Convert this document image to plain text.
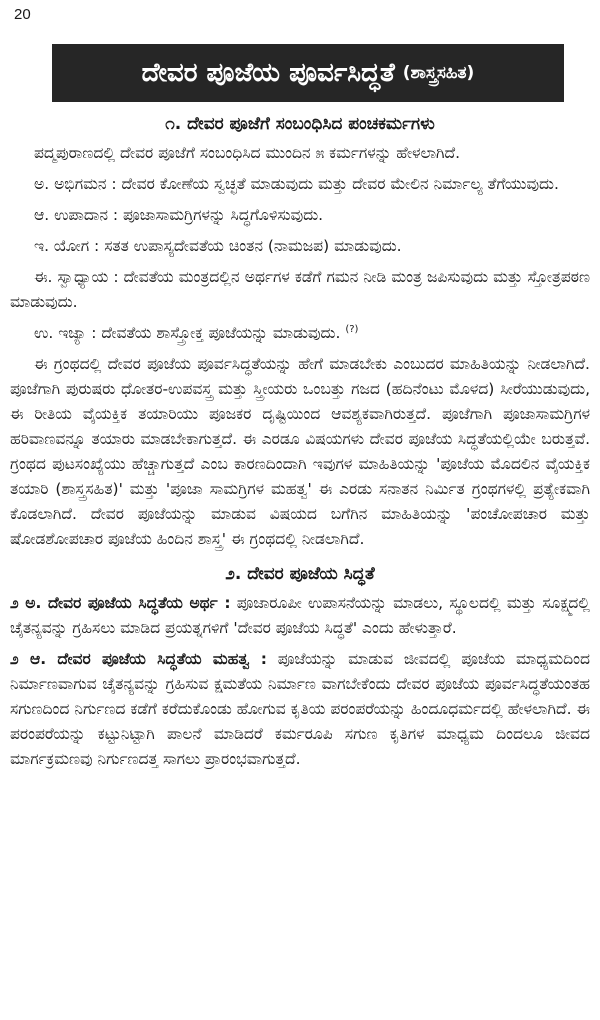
20
ದೇವರ ಪೂಜೆಯ ಪೂರ್ವಸಿದ್ಧತೆ (ಶಾಸ್ತ್ರಸಹಿತ)
೧. ದೇವರ ಪೂಜೆಗೆ ಸಂಬಂಧಿಸಿದ ಪಂಚಕರ್ಮಗಳು

ಪದ್ಮಪುರಾಣದಲ್ಲಿ ದೇವರ ಪೂಜೆಗೆ ಸಂಬಂಧಿಸಿದ ಮುಂದಿನ ೫ ಕರ್ಮಗಳನ್ನು ಹೇಳಲಾಗಿದೆ.

ಅ. ಅಭಿಗಮನ : ದೇವರ ಕೋಣೆಯ ಸ್ವಚ್ಛತೆ ಮಾಡುವುದು ಮತ್ತು ದೇವರ ಮೇಲಿನ ನಿರ್ಮಾಲ್ಯ ತೆಗೆಯುವುದು.

ಆ. ಉಪಾದಾನ : ಪೂಜಾಸಾಮಗ್ರಿಗಳನ್ನು ಸಿದ್ಧಗೊಳಿಸುವುದು.

ಇ. ಯೋಗ : ಸತತ ಉಪಾಸ್ಯದೇವತೆಯ ಚಿಂತನ (ನಾಮಜಪ) ಮಾಡುವುದು.

ಈ. ಸ್ವಾಧ್ಯಾಯ : ದೇವತೆಯ ಮಂತ್ರದಲ್ಲಿನ ಅರ್ಥಗಳ ಕಡೆಗೆ ಗಮನ ನೀಡಿ ಮಂತ್ರ ಜಪಿಸುವುದು ಮತ್ತು ಸ್ತೋತ್ರಪಠಣ ಮಾಡುವುದು.

ಉ. ಇಜ್ಯಾ : ದೇವತೆಯ ಶಾಸ್ತ್ರೋಕ್ತ ಪೂಜೆಯನ್ನು ಮಾಡುವುದು. (?)

ಈ ಗ್ರಂಥದಲ್ಲಿ ದೇವರ ಪೂಜೆಯ ಪೂರ್ವಸಿದ್ಧತೆಯನ್ನು ಹೇಗೆ ಮಾಡಬೇಕು ಎಂಬುದರ ಮಾಹಿತಿಯನ್ನು ನೀಡಲಾಗಿದೆ. ಪೂಜೆಗಾಗಿ ಪುರುಷರು ಧೋತರ-ಉಪವಸ್ತ್ರ ಮತ್ತು ಸ್ತ್ರೀಯರು ಒಂಬತ್ತು ಗಜದ (ಹದಿನೆಂಟು ಮೊಳದ) ಸೀರೆಯುಡುವುದು, ಈ ರೀತಿಯ ವೈಯಕ್ತಿಕ ತಯಾರಿಯು ಪೂಜಕರ ದೃಷ್ಟಿಯಿಂದ ಆವಶ್ಯಕವಾಗಿರುತ್ತದೆ. ಪೂಜೆಗಾಗಿ ಪೂಜಾಸಾಮಗ್ರಿಗಳ ಹರಿವಾಣವನ್ನೂ ತಯಾರು ಮಾಡಬೇಕಾಗುತ್ತದೆ. ಈ ಎರಡೂ ವಿಷಯಗಳು ದೇವರ ಪೂಜೆಯ ಸಿದ್ಧತೆಯಲ್ಲಿಯೇ ಬರುತ್ತವೆ. ಗ್ರಂಥದ ಪುಟಸಂಖ್ಯೆಯು ಹೆಚ್ಚಾಗುತ್ತದೆ ಎಂಬ ಕಾರಣದಿಂದಾಗಿ ಇವುಗಳ ಮಾಹಿತಿಯನ್ನು 'ಪೂಜೆಯ ಮೊದಲಿನ ವೈಯಕ್ತಿಕ ತಯಾರಿ (ಶಾಸ್ತ್ರಸಹಿತ)' ಮತ್ತು 'ಪೂಜಾ ಸಾಮಗ್ರಿಗಳ ಮಹತ್ವ' ಈ ಎರಡು ಸನಾತನ ನಿರ್ಮಿತ ಗ್ರಂಥಗಳಲ್ಲಿ ಪ್ರತ್ಯೇಕವಾಗಿ ಕೊಡಲಾಗಿದೆ. ದೇವರ ಪೂಜೆಯನ್ನು ಮಾಡುವ ವಿಷಯದ ಬಗೆಗಿನ ಮಾಹಿತಿಯನ್ನು 'ಪಂಚೋಪಚಾರ ಮತ್ತು ಷೋಡಶೋಪಚಾರ ಪೂಜೆಯ ಹಿಂದಿನ ಶಾಸ್ತ್ರ' ಈ ಗ್ರಂಥದಲ್ಲಿ ನೀಡಲಾಗಿದೆ.

೨. ದೇವರ ಪೂಜೆಯ ಸಿದ್ಧತೆ

೨ ಅ. ದೇವರ ಪೂಜೆಯ ಸಿದ್ಧತೆಯ ಅರ್ಥ : ಪೂಜಾರೂಪೀ ಉಪಾಸನೆಯನ್ನು ಮಾಡಲು, ಸ್ಥೂಲದಲ್ಲಿ ಮತ್ತು ಸೂಕ್ಷ್ಮದಲ್ಲಿ ಚೈತನ್ಯವನ್ನು ಗ್ರಹಿಸಲು ಮಾಡಿದ ಪ್ರಯತ್ನಗಳಿಗೆ 'ದೇವರ ಪೂಜೆಯ ಸಿದ್ಧತೆ' ಎಂದು ಹೇಳುತ್ತಾರೆ.

೨ ಆ. ದೇವರ ಪೂಜೆಯ ಸಿದ್ಧತೆಯ ಮಹತ್ವ : ಪೂಜೆಯನ್ನು ಮಾಡುವ ಜೀವದಲ್ಲಿ ಪೂಜೆಯ ಮಾಧ್ಯಮದಿಂದ ನಿರ್ಮಾಣವಾಗುವ ಚೈತನ್ಯವನ್ನು ಗ್ರಹಿಸುವ ಕ್ಷಮತೆಯ ನಿರ್ಮಾಣ ವಾಗಬೇಕೆಂದು ದೇವರ ಪೂಜೆಯ ಪೂರ್ವಸಿದ್ಧತೆಯಂತಹ ಸಗುಣದಿಂದ ನಿರ್ಗುಣದ ಕಡೆಗೆ ಕರೆದುಕೊಂಡು ಹೋಗುವ ಕೃತಿಯ ಪರಂಪರೆಯನ್ನು ಹಿಂದೂಧರ್ಮದಲ್ಲಿ ಹೇಳಲಾಗಿದೆ. ಈ ಪರಂಪರೆಯನ್ನು ಕಟ್ಟುನಿಟ್ಟಾಗಿ ಪಾಲನೆ ಮಾಡಿದರೆ ಕರ್ಮರೂಪಿ ಸಗುಣ ಕೃತಿಗಳ ಮಾಧ್ಯಮ ದಿಂದಲೂ ಜೀವದ ಮಾರ್ಗಕ್ರಮಣವು ನಿರ್ಗುಣದತ್ತ ಸಾಗಲು ಪ್ರಾರಂಭವಾಗುತ್ತದೆ.
